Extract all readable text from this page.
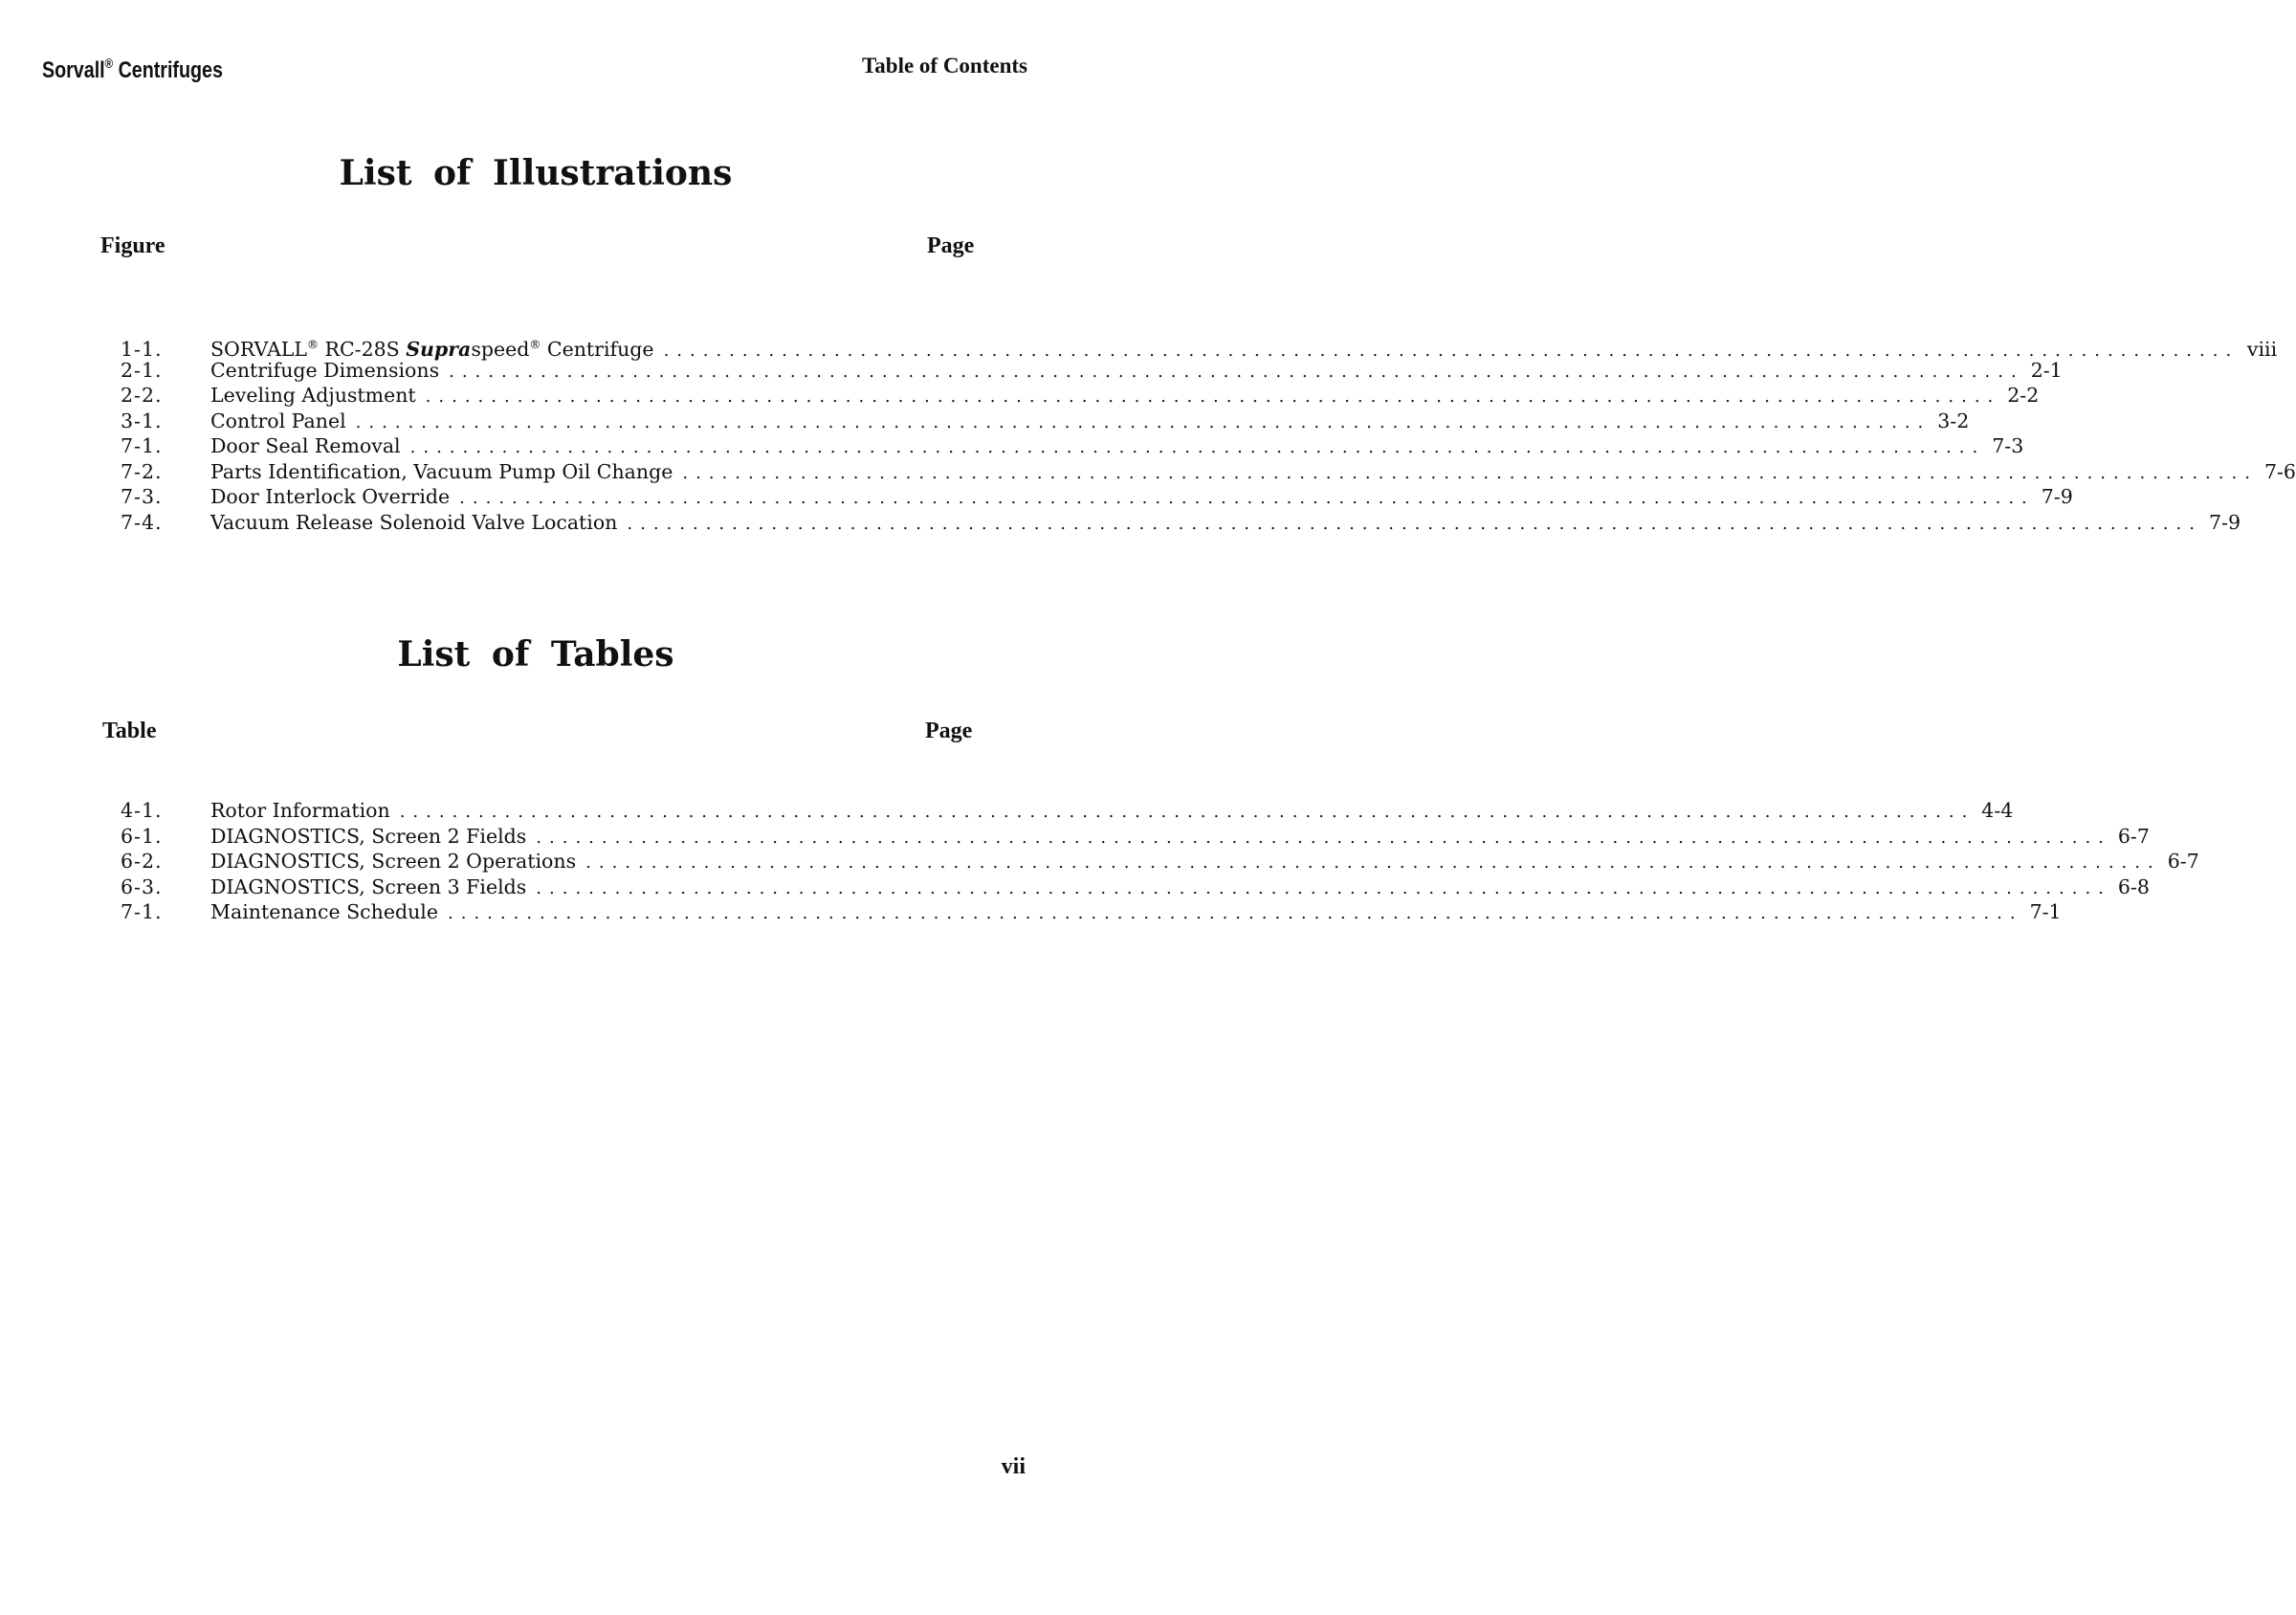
Sorvall® Centrifuges	Table of Contents
List of Illustrations
Figure	Page
1-1.	SORVALL® RC-28S Supraspeed® Centrifuge ........................................................................................................................ viii
2-1.	Centrifuge Dimensions ........................................................................................................................ 2-1
2-2.	Leveling Adjustment ........................................................................................................................ 2-2
3-1.	Control Panel ........................................................................................................................ 3-2
7-1.	Door Seal Removal ........................................................................................................................ 7-3
7-2.	Parts Identification, Vacuum Pump Oil Change ........................................................................................................................ 7-6
7-3.	Door Interlock Override ........................................................................................................................ 7-9
7-4.	Vacuum Release Solenoid Valve Location ........................................................................................................................ 7-9
List of Tables
Table	Page
4-1.	Rotor Information ........................................................................................................................ 4-4
6-1.	DIAGNOSTICS, Screen 2 Fields ........................................................................................................................ 6-7
6-2.	DIAGNOSTICS, Screen 2 Operations ........................................................................................................................ 6-7
6-3.	DIAGNOSTICS, Screen 3 Fields ........................................................................................................................ 6-8
7-1.	Maintenance Schedule ........................................................................................................................ 7-1
vii
